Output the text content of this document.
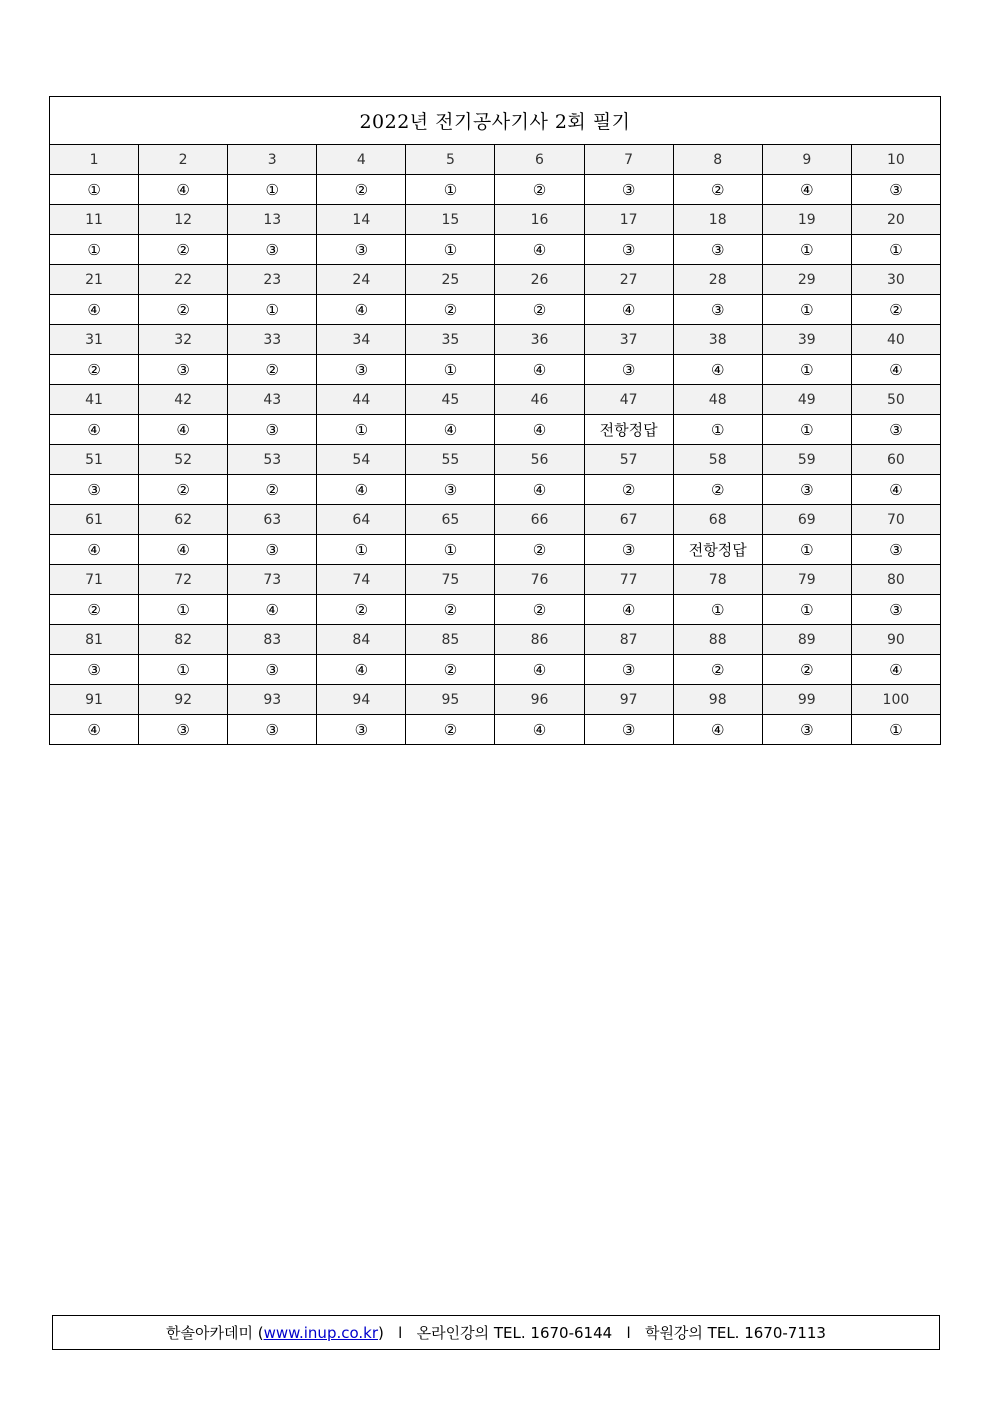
2022년 전기공사기사 2회 필기									
1	2	3	4	5	6	7	8	9	10
①	④	①	②	①	②	③	②	④	③
11	12	13	14	15	16	17	18	19	20
①	②	③	③	①	④	③	③	①	①
21	22	23	24	25	26	27	28	29	30
④	②	①	④	②	②	④	③	①	②
31	32	33	34	35	36	37	38	39	40
②	③	②	③	①	④	③	④	①	④
41	42	43	44	45	46	47	48	49	50
④	④	③	①	④	④	전항정답	①	①	③
51	52	53	54	55	56	57	58	59	60
③	②	②	④	③	④	②	②	③	④
61	62	63	64	65	66	67	68	69	70
④	④	③	①	①	②	③	전항정답	①	③
71	72	73	74	75	76	77	78	79	80
②	①	④	②	②	②	④	①	①	③
81	82	83	84	85	86	87	88	89	90
③	①	③	④	②	④	③	②	②	④
91	92	93	94	95	96	97	98	99	100
④	③	③	③	②	④	③	④	③	①
한솔아카데미 ( www.inup.co.kr ) l 온라인강의 TEL. 1670-6144 l 학원강의 TEL. 1670-7113
